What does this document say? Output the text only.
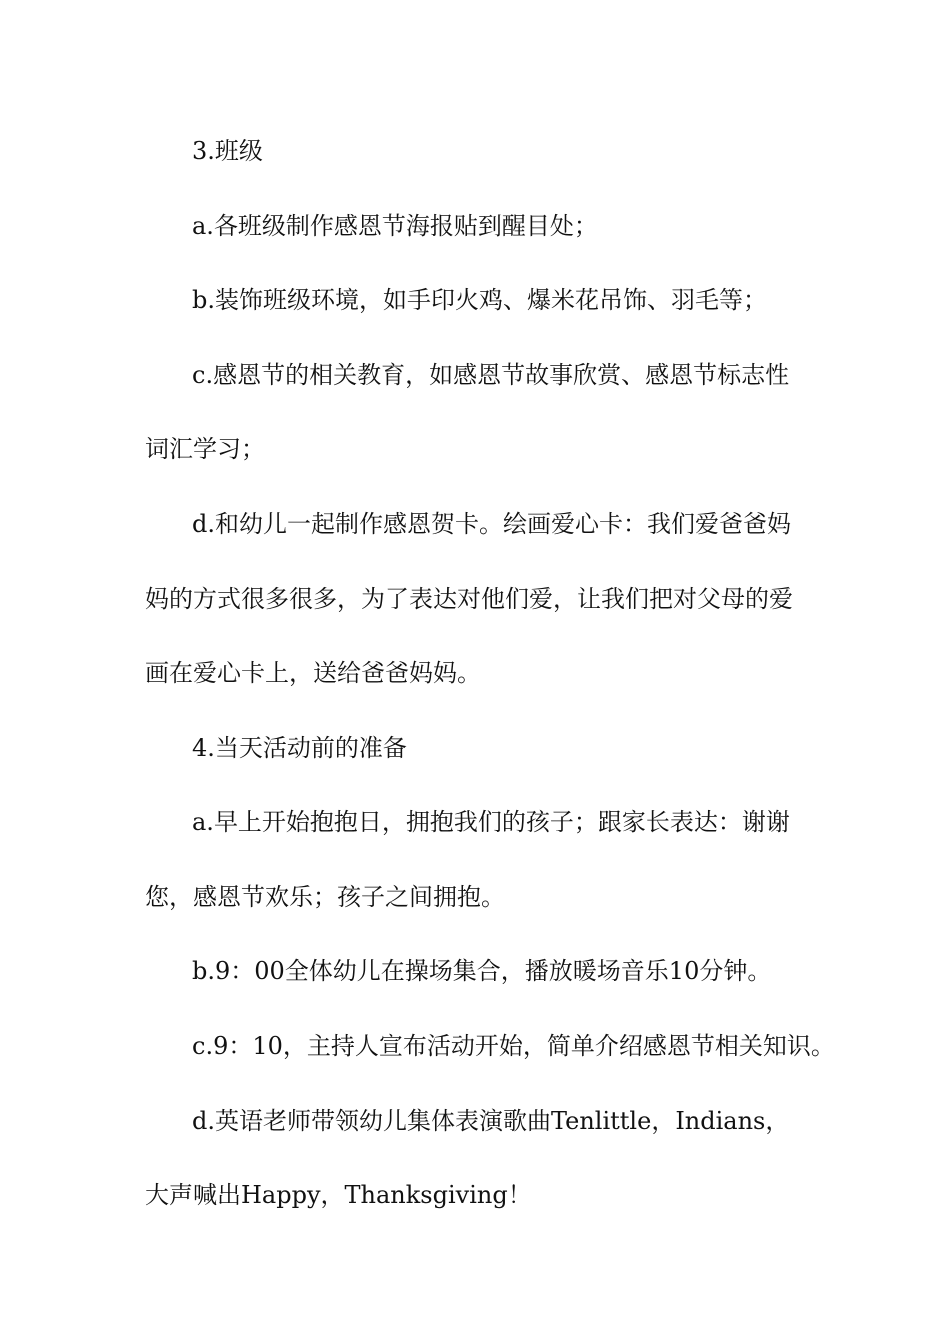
3.班级

a.各班级制作感恩节海报贴到醒目处；

b.装饰班级环境，如手印火鸡、爆米花吊饰、羽毛等；

c.感恩节的相关教育，如感恩节故事欣赏、感恩节标志性

词汇学习；

d.和幼儿一起制作感恩贺卡。绘画爱心卡：我们爱爸爸妈

妈的方式很多很多，为了表达对他们爱，让我们把对父母的爱

画在爱心卡上，送给爸爸妈妈。

4.当天活动前的准备

a.早上开始抱抱日，拥抱我们的孩子；跟家长表达：谢谢

您，感恩节欢乐；孩子之间拥抱。

b.9：00全体幼儿在操场集合，播放暖场音乐10分钟。

c.9：10，主持人宣布活动开始，简单介绍感恩节相关知识。

d.英语老师带领幼儿集体表演歌曲Tenlittle，Indians，

大声喊出Happy，Thanksgiving！
